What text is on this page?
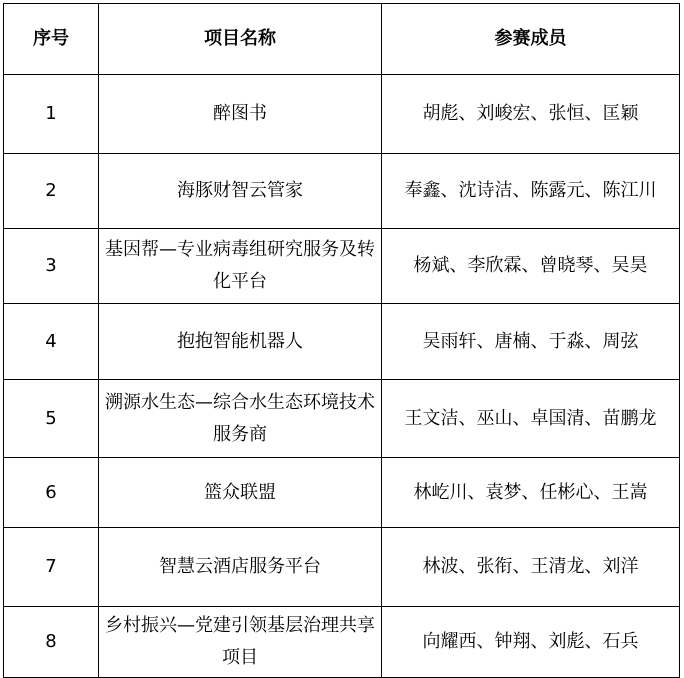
序号	项目名称	参赛成员
1	醉图书	胡彪、刘峻宏、张恒、匡颖
2	海豚财智云管家	奉鑫、沈诗洁、陈露元、陈江川
3	基因帮—专业病毒组研究服务及转化平台	杨斌、李欣霖、曾晓琴、吴昊
4	抱抱智能机器人	吴雨轩、唐楠、于淼、周弦
5	溯源水生态—综合水生态环境技术服务商	王文洁、巫山、卓国清、苗鹏龙
6	篮众联盟	林屹川、袁梦、任彬心、王嵩
7	智慧云酒店服务平台	林波、张衔、王清龙、刘洋
8	乡村振兴—党建引领基层治理共享项目	向耀西、钟翔、刘彪、石兵
